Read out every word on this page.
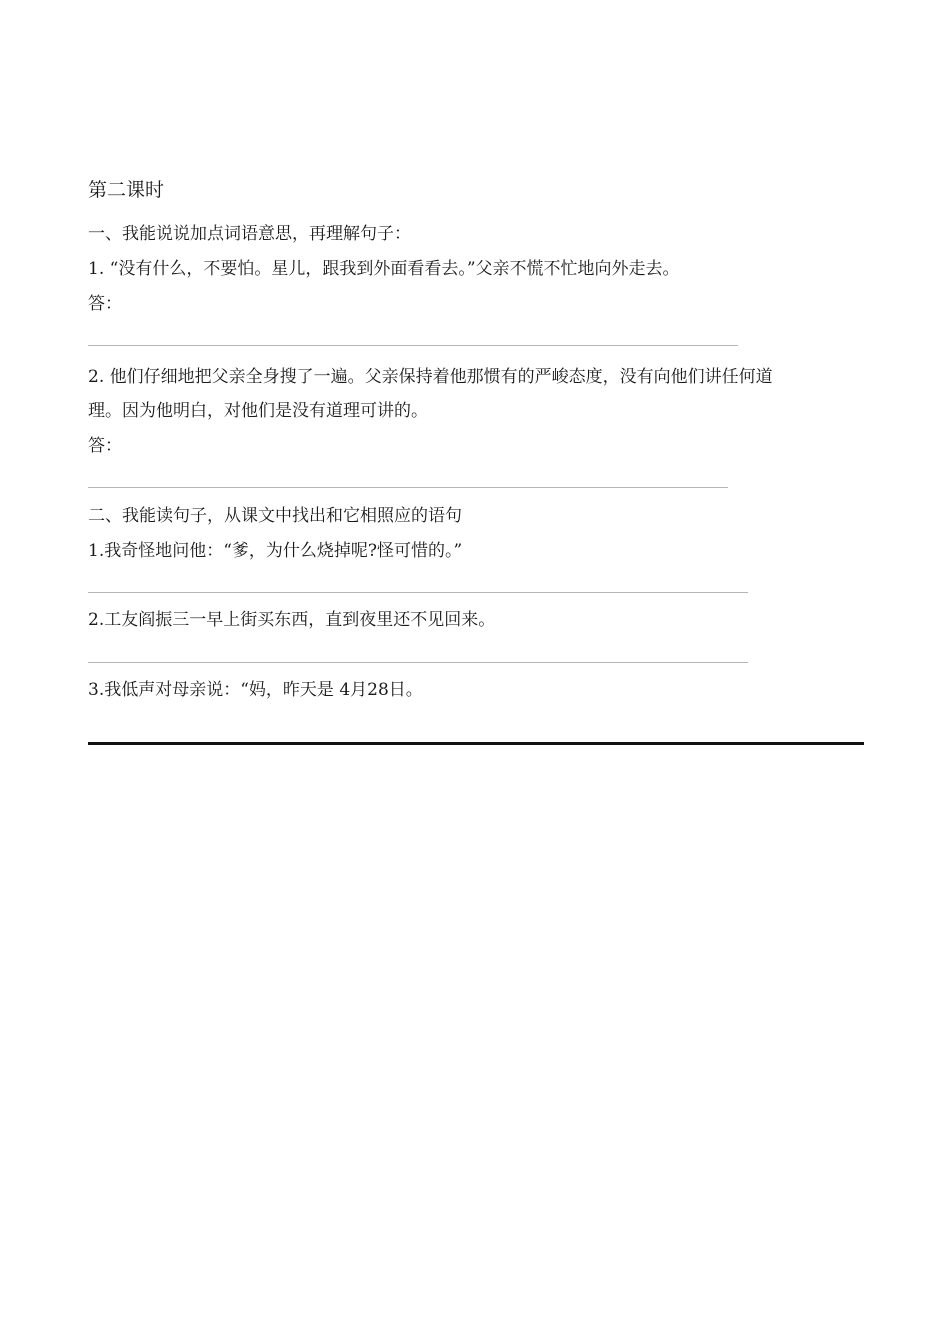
第二课时
一、我能说说加点词语意思，再理解句子：
1. “没有什么，不要怕。星儿，跟我到外面看看去。”父亲不慌不忙地向外走去。
答：
2. 他们仔细地把父亲全身搜了一遍。父亲保持着他那惯有的严峻态度，没有向他们讲任何道
理。因为他明白，对他们是没有道理可讲的。
答：
二、我能读句子，从课文中找出和它相照应的语句
1.我奇怪地问他：“爹，为什么烧掉呢?怪可惜的。”
2.工友阎振三一早上街买东西，直到夜里还不见回来。
3.我低声对母亲说：“妈，昨天是 4月28日。
